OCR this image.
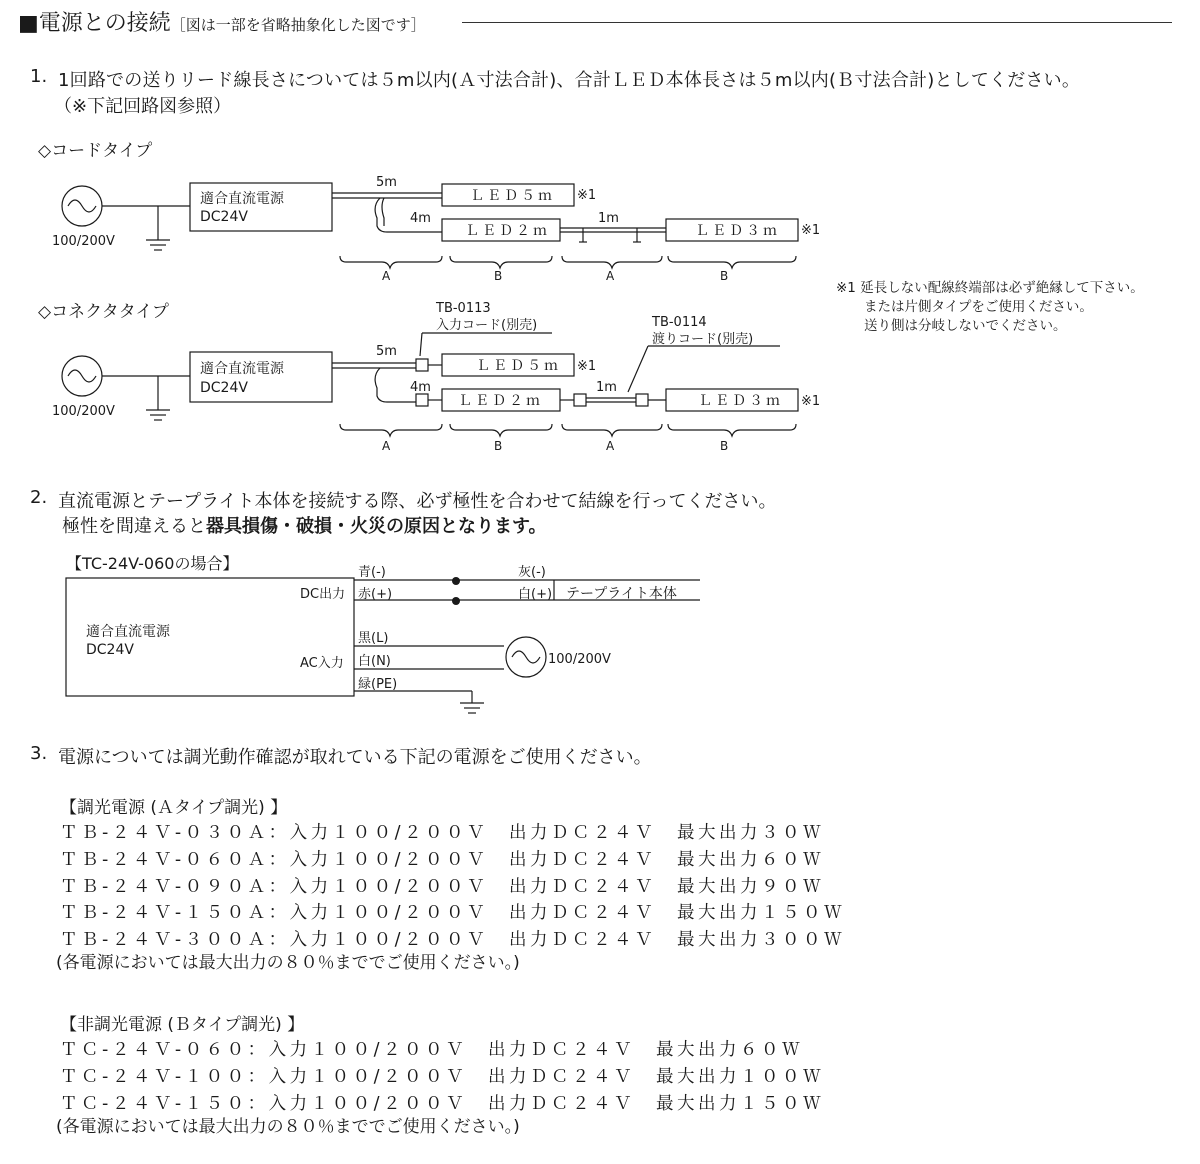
■電源との接続［図は一部を省略抽象化した図です］
1. 1回路での送りリード線長さについては５m以内(Ａ寸法合計)、合計ＬＥＤ本体長さは５m以内(Ｂ寸法合計)としてください。
（※下記回路図参照）
◇コードタイプ
◇コネクタタイプ
100/200V
適合直流電源
DC24V
5m
4m	1m
ＬＥＤ５ｍ
ＬＥＤ２ｍ	ＬＥＤ３ｍ
※1
※1
A	B	A	B
※1 延長しない配線終端部は必ず絶縁して下さい。
または片側タイプをご使用ください。
送り側は分岐しないでください。
100/200V
適合直流電源
DC24V
5m
4m	1m
TB-0113
入力コード(別売)	TB-0114
渡りコード(別売)
ＬＥＤ５ｍ
ＬＥＤ２ｍ	ＬＥＤ３ｍ
※1
※1
A	B	A	B
2. 直流電源とテープライト本体を接続する際、必ず極性を合わせて結線を行ってください。
極性を間違えると器具損傷・破損・火災の原因となります。
【TC-24V-060の場合】
適合直流電源
DC24V
DC出力
AC入力
青(-)
赤(+)
灰(-)
白(+) テープライト本体
黒(L)
白(N)
緑(PE)
100/200V
3. 電源については調光動作確認が取れている下記の電源をご使用ください。
【調光電源 (Ａタイプ調光) 】
ＴＢ-２４Ｖ-０３０Ａ：入力１００/２００Ｖ　出力ＤＣ２４Ｖ　最大出力３０Ｗ
ＴＢ-２４Ｖ-０６０Ａ：入力１００/２００Ｖ　出力ＤＣ２４Ｖ　最大出力６０Ｗ
ＴＢ-２４Ｖ-０９０Ａ：入力１００/２００Ｖ　出力ＤＣ２４Ｖ　最大出力９０Ｗ
ＴＢ-２４Ｖ-１５０Ａ：入力１００/２００Ｖ　出力ＤＣ２４Ｖ　最大出力１５０Ｗ
ＴＢ-２４Ｖ-３００Ａ：入力１００/２００Ｖ　出力ＤＣ２４Ｖ　最大出力３００Ｗ
(各電源においては最大出力の８０％まででご使用ください。)
【非調光電源 (Ｂタイプ調光) 】
ＴＣ-２４Ｖ-０６０：入力１００/２００Ｖ　出力ＤＣ２４Ｖ　最大出力６０Ｗ
ＴＣ-２４Ｖ-１００：入力１００/２００Ｖ　出力ＤＣ２４Ｖ　最大出力１００Ｗ
ＴＣ-２４Ｖ-１５０：入力１００/２００Ｖ　出力ＤＣ２４Ｖ　最大出力１５０Ｗ
(各電源においては最大出力の８０％まででご使用ください。)
